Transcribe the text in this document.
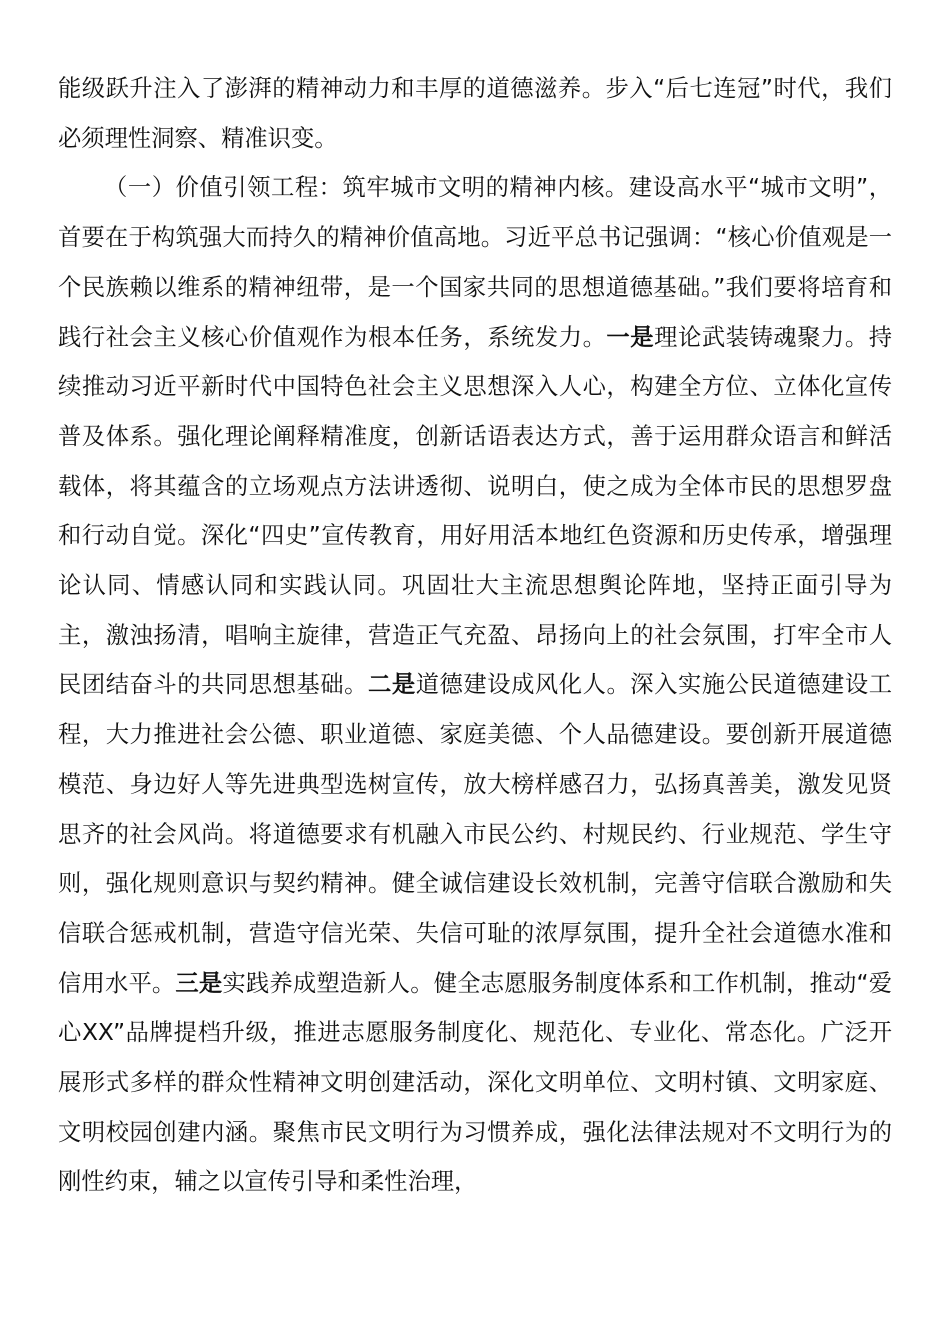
能级跃升注入了澎湃的精神动力和丰厚的道德滋养。步入“后七连冠”时代，我们必须理性洞察、精准识变。

（一）价值引领工程：筑牢城市文明的精神内核。建设高水平“城市文明”，首要在于构筑强大而持久的精神价值高地。习近平总书记强调：“核心价值观是一个民族赖以维系的精神纽带，是一个国家共同的思想道德基础。”我们要将培育和践行社会主义核心价值观作为根本任务，系统发力。一是理论武装铸魂聚力。持续推动习近平新时代中国特色社会主义思想深入人心，构建全方位、立体化宣传普及体系。强化理论阐释精准度，创新话语表达方式，善于运用群众语言和鲜活载体，将其蕴含的立场观点方法讲透彻、说明白，使之成为全体市民的思想罗盘和行动自觉。深化“四史”宣传教育，用好用活本地红色资源和历史传承，增强理论认同、情感认同和实践认同。巩固壮大主流思想舆论阵地，坚持正面引导为主，激浊扬清，唱响主旋律，营造正气充盈、昂扬向上的社会氛围，打牢全市人民团结奋斗的共同思想基础。二是道德建设成风化人。深入实施公民道德建设工程，大力推进社会公德、职业道德、家庭美德、个人品德建设。要创新开展道德模范、身边好人等先进典型选树宣传，放大榜样感召力，弘扬真善美，激发见贤思齐的社会风尚。将道德要求有机融入市民公约、村规民约、行业规范、学生守则，强化规则意识与契约精神。健全诚信建设长效机制，完善守信联合激励和失信联合惩戒机制，营造守信光荣、失信可耻的浓厚氛围，提升全社会道德水准和信用水平。三是实践养成塑造新人。健全志愿服务制度体系和工作机制，推动“爱心XX”品牌提档升级，推进志愿服务制度化、规范化、专业化、常态化。广泛开展形式多样的群众性精神文明创建活动，深化文明单位、文明村镇、文明家庭、文明校园创建内涵。聚焦市民文明行为习惯养成，强化法律法规对不文明行为的刚性约束，辅之以宣传引导和柔性治理，
